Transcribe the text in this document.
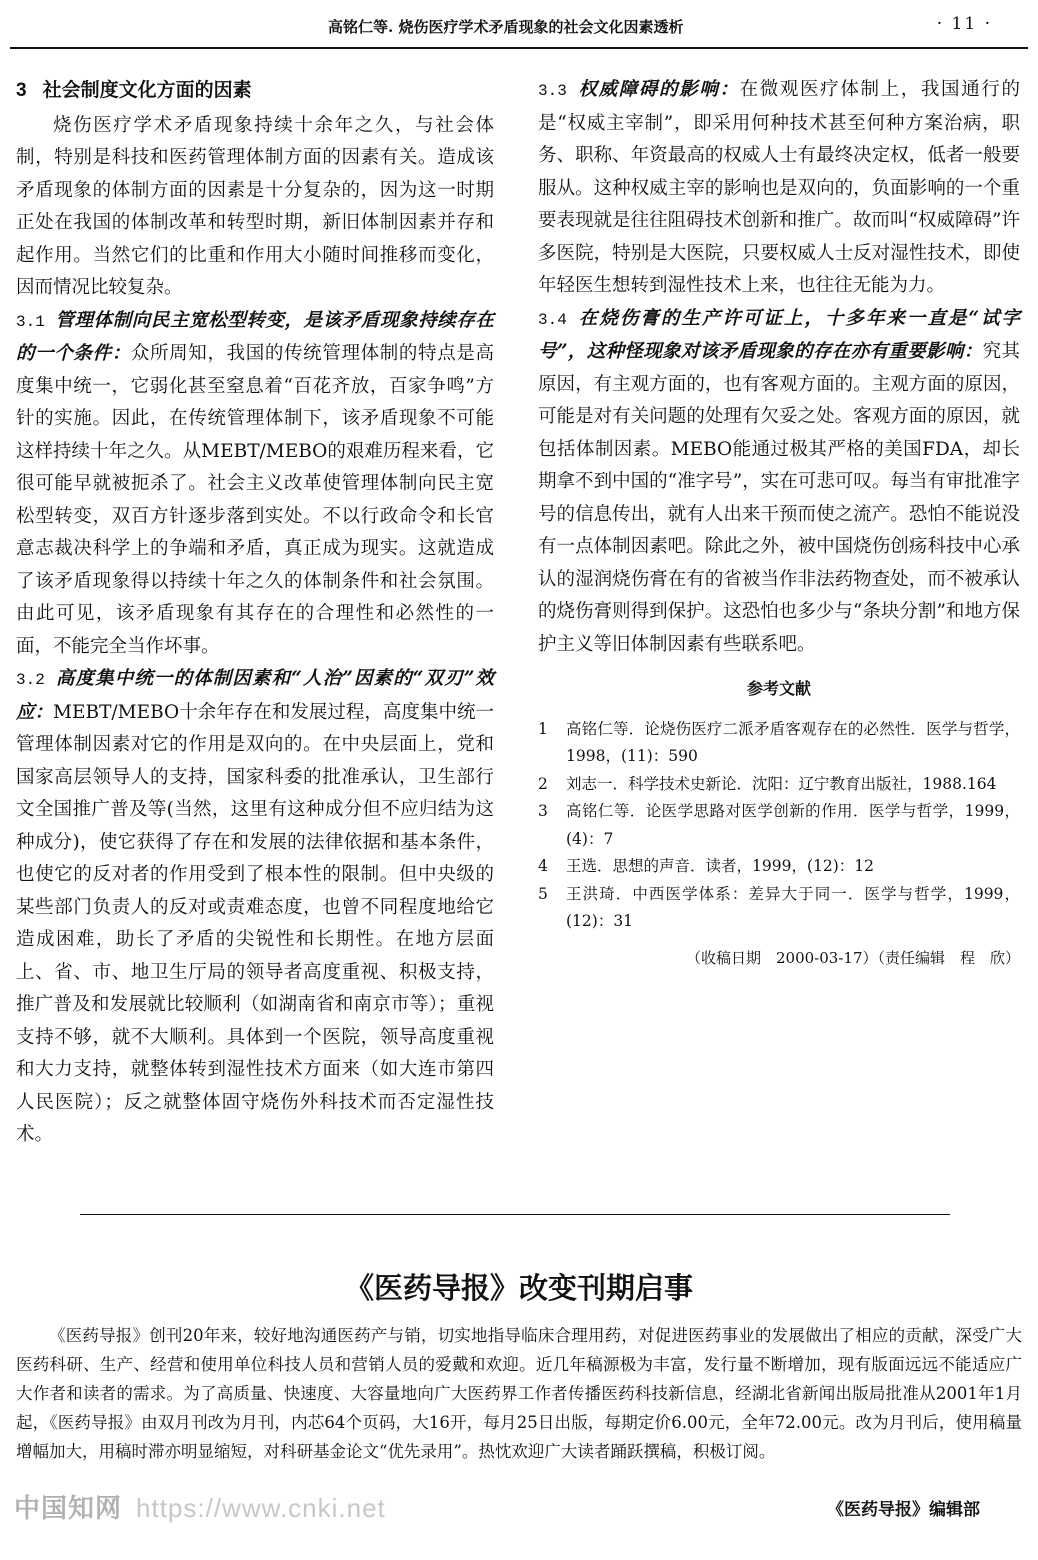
高铭仁等. 烧伤医疗学术矛盾现象的社会文化因素透析	· 11 ·
3 社会制度文化方面的因素

烧伤医疗学术矛盾现象持续十余年之久，与社会体制，特别是科技和医药管理体制方面的因素有关。造成该矛盾现象的体制方面的因素是十分复杂的，因为这一时期正处在我国的体制改革和转型时期，新旧体制因素并存和起作用。当然它们的比重和作用大小随时间推移而变化，因而情况比较复杂。

3.1 管理体制向民主宽松型转变，是该矛盾现象持续存在的一个条件：众所周知，我国的传统管理体制的特点是高度集中统一，它弱化甚至窒息着“百花齐放，百家争鸣”方针的实施。因此，在传统管理体制下，该矛盾现象不可能这样持续十年之久。从MEBT/MEBO的艰难历程来看，它很可能早就被扼杀了。社会主义改革使管理体制向民主宽松型转变，双百方针逐步落到实处。不以行政命令和长官意志裁决科学上的争端和矛盾，真正成为现实。这就造成了该矛盾现象得以持续十年之久的体制条件和社会氛围。由此可见，该矛盾现象有其存在的合理性和必然性的一面，不能完全当作坏事。

3.2 高度集中统一的体制因素和“人治”因素的“双刃”效应：MEBT/MEBO十余年存在和发展过程，高度集中统一管理体制因素对它的作用是双向的。在中央层面上，党和国家高层领导人的支持，国家科委的批准承认，卫生部行文全国推广普及等(当然，这里有这种成分但不应归结为这种成分)，使它获得了存在和发展的法律依据和基本条件，也使它的反对者的作用受到了根本性的限制。但中央级的某些部门负责人的反对或责难态度，也曾不同程度地给它造成困难，助长了矛盾的尖锐性和长期性。在地方层面上、省、市、地卫生厅局的领导者高度重视、积极支持，推广普及和发展就比较顺利（如湖南省和南京市等）；重视支持不够，就不大顺利。具体到一个医院，领导高度重视和大力支持，就整体转到湿性技术方面来（如大连市第四人民医院）；反之就整体固守烧伤外科技术而否定湿性技术。

3.3 权威障碍的影响：在微观医疗体制上，我国通行的是“权威主宰制”，即采用何种技术甚至何种方案治病，职务、职称、年资最高的权威人士有最终决定权，低者一般要服从。这种权威主宰的影响也是双向的，负面影响的一个重要表现就是往往阻碍技术创新和推广。故而叫“权威障碍”许多医院，特别是大医院，只要权威人士反对湿性技术，即使年轻医生想转到湿性技术上来，也往往无能为力。

3.4 在烧伤膏的生产许可证上，十多年来一直是“试字号”，这种怪现象对该矛盾现象的存在亦有重要影响：究其原因，有主观方面的，也有客观方面的。主观方面的原因，可能是对有关问题的处理有欠妥之处。客观方面的原因，就包括体制因素。MEBO能通过极其严格的美国FDA，却长期拿不到中国的“准字号”，实在可悲可叹。每当有审批准字号的信息传出，就有人出来干预而使之流产。恐怕不能说没有一点体制因素吧。除此之外，被中国烧伤创疡科技中心承认的湿润烧伤膏在有的省被当作非法药物查处，而不被承认的烧伤膏则得到保护。这恐怕也多少与“条块分割”和地方保护主义等旧体制因素有些联系吧。

参考文献
1	高铭仁等．论烧伤医疗二派矛盾客观存在的必然性．医学与哲学，1998，(11)：590
2	刘志一．科学技术史新论．沈阳：辽宁教育出版社，1988.164
3	高铭仁等．论医学思路对医学创新的作用．医学与哲学，1999，(4)：7
4	王选．思想的声音．读者，1999，(12)：12
5	王洪琦．中西医学体系：差异大于同一．医学与哲学，1999，(12)：31
（收稿日期　2000-03-17）（责任编辑　程　欣）
《医药导报》改变刊期启事

《医药导报》创刊20年来，较好地沟通医药产与销，切实地指导临床合理用药，对促进医药事业的发展做出了相应的贡献，深受广大医药科研、生产、经营和使用单位科技人员和营销人员的爱戴和欢迎。近几年稿源极为丰富，发行量不断增加，现有版面远远不能适应广大作者和读者的需求。为了高质量、快速度、大容量地向广大医药界工作者传播医药科技新信息，经湖北省新闻出版局批准从2001年1月起，《医药导报》由双月刊改为月刊，内芯64个页码，大16开，每月25日出版，每期定价6.00元，全年72.00元。改为月刊后，使用稿量增幅加大，用稿时滞亦明显缩短，对科研基金论文“优先录用”。热忱欢迎广大读者踊跃撰稿，积极订阅。

中国知网 https://www.cnki.net	《医药导报》编辑部
